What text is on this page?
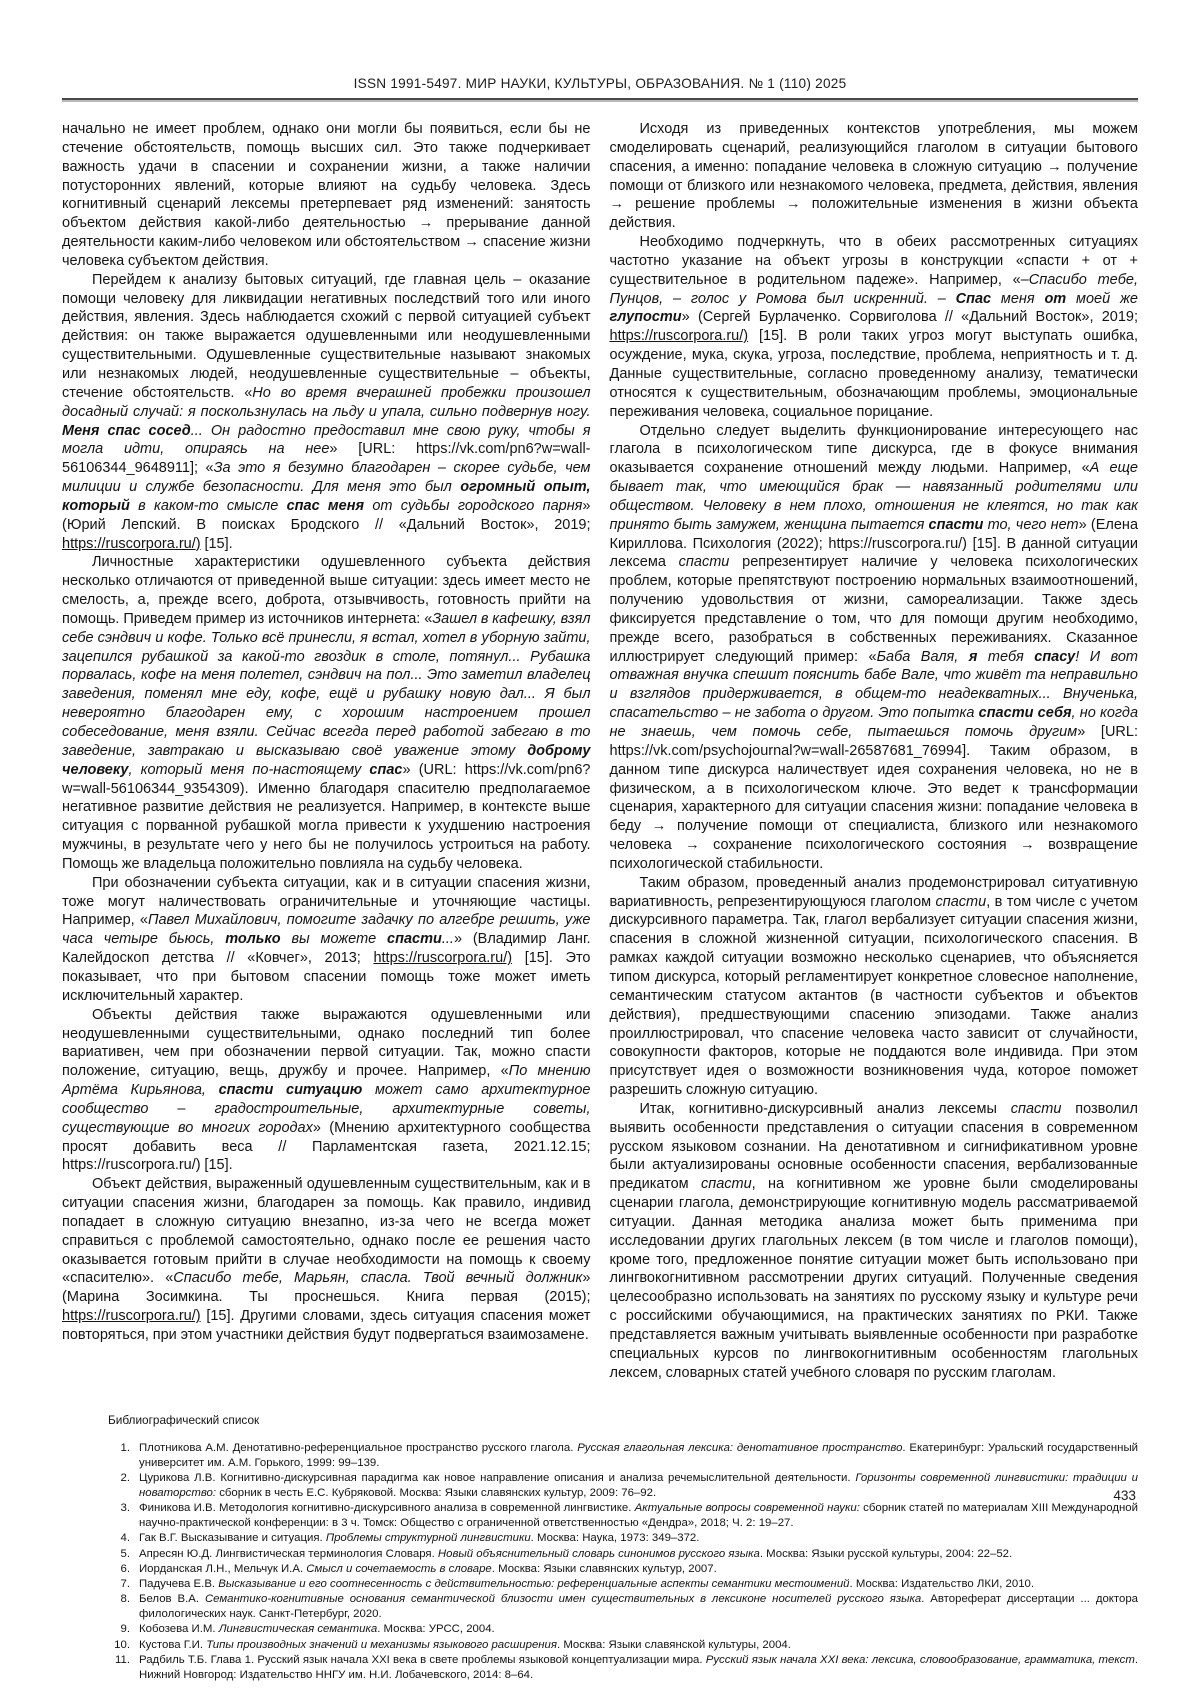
ISSN 1991-5497. МИР НАУКИ, КУЛЬТУРЫ, ОБРАЗОВАНИЯ. № 1 (110) 2025

начально не имеет проблем, однако они могли бы появиться, если бы не стечение обстоятельств, помощь высших сил. Это также подчеркивает важность удачи в спасении и сохранении жизни, а также наличии потусторонних явлений, которые влияют на судьбу человека. Здесь когнитивный сценарий лексемы претерпевает ряд изменений: занятость объектом действия какой-либо деятельностью → прерывание данной деятельности каким-либо человеком или обстоятельством → спасение жизни человека субъектом действия.

Перейдем к анализу бытовых ситуаций, где главная цель – оказание помощи человеку для ликвидации негативных последствий того или иного действия, явления. Здесь наблюдается схожий с первой ситуацией субъект действия: он также выражается одушевленными или неодушевленными существительными. Одушевленные существительные называют знакомых или незнакомых людей, неодушевленные существительные – объекты, стечение обстоятельств. «Но во время вчерашней пробежки произошел досадный случай: я поскользнулась на льду и упала, сильно подвернув ногу. Меня спас сосед... Он радостно предоставил мне свою руку, чтобы я могла идти, опираясь на нее» [URL: https://vk.com/pn6?w=wall-56106344_9648911]; «За это я безумно благодарен – скорее судьбе, чем милиции и службе безопасности. Для меня это был огромный опыт, который в каком-то смысле спас меня от судьбы городского парня» (Юрий Лепский. В поисках Бродского // «Дальний Восток», 2019; https://ruscorpora.ru/) [15].

Личностные характеристики одушевленного субъекта действия несколько отличаются от приведенной выше ситуации: здесь имеет место не смелость, а, прежде всего, доброта, отзывчивость, готовность прийти на помощь. Приведем пример из источников интернета: «Зашел в кафешку, взял себе сэндвич и кофе. Только всё принесли, я встал, хотел в уборную зайти, зацепился рубашкой за какой-то гвоздик в столе, потянул... Рубашка порвалась, кофе на меня полетел, сэндвич на пол... Это заметил владелец заведения, поменял мне еду, кофе, ещё и рубашку новую дал... Я был невероятно благодарен ему, с хорошим настроением прошел собеседование, меня взяли. Сейчас всегда перед работой забегаю в то заведение, завтракаю и высказываю своё уважение этому доброму человеку, который меня по-настоящему спас» (URL: https://vk.com/pn6?w=wall-56106344_9354309). Именно благодаря спасителю предполагаемое негативное развитие действия не реализуется. Например, в контексте выше ситуация с порванной рубашкой могла привести к ухудшению настроения мужчины, в результате чего у него бы не получилось устроиться на работу. Помощь же владельца положительно повлияла на судьбу человека.

При обозначении субъекта ситуации, как и в ситуации спасения жизни, тоже могут наличествовать ограничительные и уточняющие частицы. Например, «Павел Михайлович, помогите задачку по алгебре решить, уже часа четыре бьюсь, только вы можете спасти...» (Владимир Ланг. Калейдоскоп детства // «Ковчег», 2013; https://ruscorpora.ru/) [15]. Это показывает, что при бытовом спасении помощь тоже может иметь исключительный характер.

Объекты действия также выражаются одушевленными или неодушевленными существительными, однако последний тип более вариативен, чем при обозначении первой ситуации. Так, можно спасти положение, ситуацию, вещь, дружбу и прочее. Например, «По мнению Артёма Кирьянова, спасти ситуацию может само архитектурное сообщество – градостроительные, архитектурные советы, существующие во многих городах» (Мнению архитектурного сообщества просят добавить веса // Парламентская газета, 2021.12.15; https://ruscorpora.ru/) [15].

Объект действия, выраженный одушевленным существительным, как и в ситуации спасения жизни, благодарен за помощь. Как правило, индивид попадает в сложную ситуацию внезапно, из-за чего не всегда может справиться с проблемой самостоятельно, однако после ее решения часто оказывается готовым прийти в случае необходимости на помощь к своему «спасителю». «Спасибо тебе, Марьян, спасла. Твой вечный должник» (Марина Зосимкина. Ты проснешься. Книга первая (2015); https://ruscorpora.ru/) [15]. Другими словами, здесь ситуация спасения может повторяться, при этом участники действия будут подвергаться взаимозамене.

Исходя из приведенных контекстов употребления, мы можем смоделировать сценарий, реализующийся глаголом в ситуации бытового спасения, а именно: попадание человека в сложную ситуацию → получение помощи от близкого или незнакомого человека, предмета, действия, явления → решение проблемы → положительные изменения в жизни объекта действия.

Необходимо подчеркнуть, что в обеих рассмотренных ситуациях частотно указание на объект угрозы в конструкции «спасти + от + существительное в родительном падеже». Например, «–Спасибо тебе, Пунцов, – голос у Ромова был искренний. – Спас меня от моей же глупости» (Сергей Бурлаченко. Сорвиголова // «Дальний Восток», 2019; https://ruscorpora.ru/) [15]. В роли таких угроз могут выступать ошибка, осуждение, мука, скука, угроза, последствие, проблема, неприятность и т. д. Данные существительные, согласно проведенному анализу, тематически относятся к существительным, обозначающим проблемы, эмоциональные переживания человека, социальное порицание.

Отдельно следует выделить функционирование интересующего нас глагола в психологическом типе дискурса, где в фокусе внимания оказывается сохранение отношений между людьми. Например, «А еще бывает так, что имеющийся брак — навязанный родителями или обществом. Человеку в нем плохо, отношения не клеятся, но так как принято быть замужем, женщина пытается спасти то, чего нет» (Елена Кириллова. Психология (2022); https://ruscorpora.ru/) [15]. В данной ситуации лексема спасти репрезентирует наличие у человека психологических проблем, которые препятствуют построению нормальных взаимоотношений, получению удовольствия от жизни, самореализации. Также здесь фиксируется представление о том, что для помощи другим необходимо, прежде всего, разобраться в собственных переживаниях. Сказанное иллюстрирует следующий пример: «Баба Валя, я тебя спасу! И вот отважная внучка спешит пояснить бабе Вале, что живёт та неправильно и взглядов придерживается, в общем-то неадекватных... Внученька, спасательство – не забота о другом. Это попытка спасти себя, но когда не знаешь, чем помочь себе, пытаешься помочь другим» [URL: https://vk.com/psychojournal?w=wall-26587681_76994]. Таким образом, в данном типе дискурса наличествует идея сохранения человека, но не в физическом, а в психологическом ключе. Это ведет к трансформации сценария, характерного для ситуации спасения жизни: попадание человека в беду → получение помощи от специалиста, близкого или незнакомого человека → сохранение психологического состояния → возвращение психологической стабильности.

Таким образом, проведенный анализ продемонстрировал ситуативную вариативность, репрезентирующуюся глаголом спасти, в том числе с учетом дискурсивного параметра. Так, глагол вербализует ситуации спасения жизни, спасения в сложной жизненной ситуации, психологического спасения. В рамках каждой ситуации возможно несколько сценариев, что объясняется типом дискурса, который регламентирует конкретное словесное наполнение, семантическим статусом актантов (в частности субъектов и объектов действия), предшествующими спасению эпизодами. Также анализ проиллюстрировал, что спасение человека часто зависит от случайности, совокупности факторов, которые не поддаются воле индивида. При этом присутствует идея о возможности возникновения чуда, которое поможет разрешить сложную ситуацию.

Итак, когнитивно-дискурсивный анализ лексемы спасти позволил выявить особенности представления о ситуации спасения в современном русском языковом сознании. На денотативном и сигнификативном уровне были актуализированы основные особенности спасения, вербализованные предикатом спасти, на когнитивном же уровне были смоделированы сценарии глагола, демонстрирующие когнитивную модель рассматриваемой ситуации. Данная методика анализа может быть применима при исследовании других глагольных лексем (в том числе и глаголов помощи), кроме того, предложенное понятие ситуации может быть использовано при лингвокогнитивном рассмотрении других ситуаций. Полученные сведения целесообразно использовать на занятиях по русскому языку и культуре речи с российскими обучающимися, на практических занятиях по РКИ. Также представляется важным учитывать выявленные особенности при разработке специальных курсов по лингвокогнитивным особенностям глагольных лексем, словарных статей учебного словаря по русским глаголам.

Библиографический список

1. Плотникова А.М. Денотативно-референциальное пространство русского глагола. Русская глагольная лексика: денотативное пространство. Екатеринбург: Уральский государственный университет им. А.М. Горького, 1999: 99–139.
2. Цурикова Л.В. Когнитивно-дискурсивная парадигма как новое направление описания и анализа речемыслительной деятельности. Горизонты современной лингвистики: традиции и новаторство: сборник в честь Е.С. Кубряковой. Москва: Языки славянских культур, 2009: 76–92.
3. Финикова И.В. Методология когнитивно-дискурсивного анализа в современной лингвистике. Актуальные вопросы современной науки: сборник статей по материалам XIII Международной научно-практической конференции: в 3 ч. Томск: Общество с ограниченной ответственностью «Дендра», 2018; Ч. 2: 19–27.
4. Гак В.Г. Высказывание и ситуация. Проблемы структурной лингвистики. Москва: Наука, 1973: 349–372.
5. Апресян Ю.Д. Лингвистическая терминология Словаря. Новый объяснительный словарь синонимов русского языка. Москва: Языки русской культуры, 2004: 22–52.
6. Иорданская Л.Н., Мельчук И.А. Смысл и сочетаемость в словаре. Москва: Языки славянских культур, 2007.
7. Падучева Е.В. Высказывание и его соотнесенность с действительностью: референциальные аспекты семантики местоимений. Москва: Издательство ЛКИ, 2010.
8. Белов В.А. Семантико-когнитивные основания семантической близости имен существительных в лексиконе носителей русского языка. Автореферат диссертации ... доктора филологических наук. Санкт-Петербург, 2020.
9. Кобозева И.М. Лингвистическая семантика. Москва: УРСС, 2004.
10. Кустова Г.И. Типы производных значений и механизмы языкового расширения. Москва: Языки славянской культуры, 2004.
11. Радбиль Т.Б. Глава 1. Русский язык начала XXI века в свете проблемы языковой концептуализации мира. Русский язык начала XXI века: лексика, словообразование, грамматика, текст. Нижний Новгород: Издательство ННГУ им. Н.И. Лобачевского, 2014: 8–64.
433
